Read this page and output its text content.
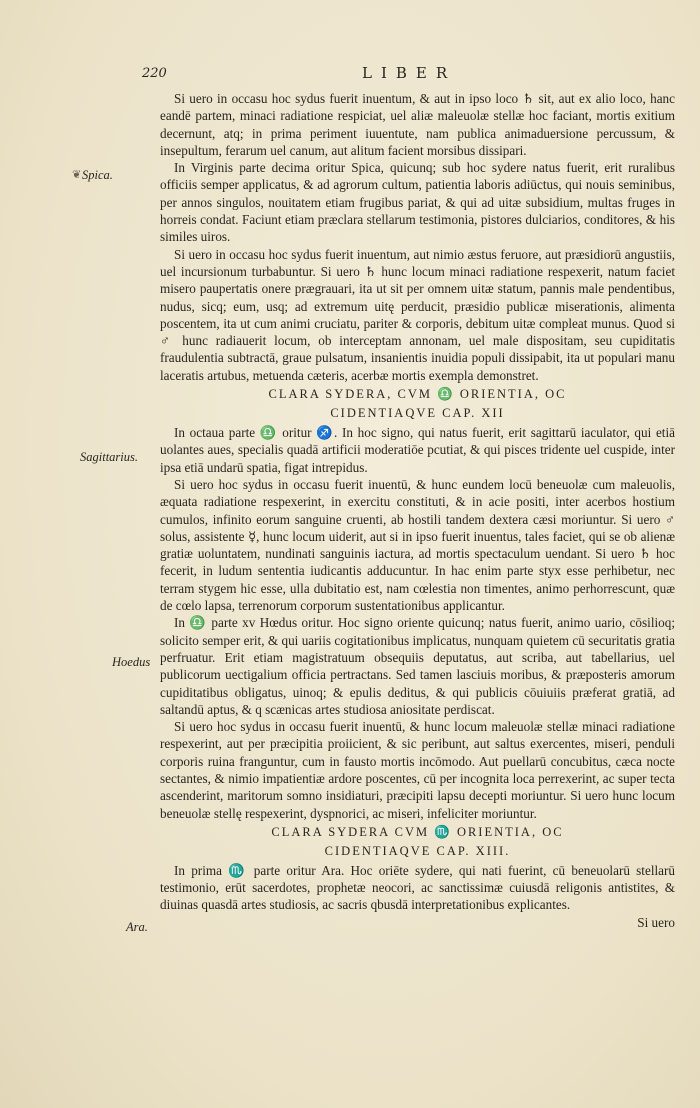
220	LIBER
❦ Spica.
Sagittarius.
Hoedus
Ara.

Si uero in occasu hoc sydus fuerit inuentum, & aut in ipso loco ♄ sit, aut ex alio loco, hanc eandē partem, minaci radiatione respiciat, uel aliæ maleuolæ stellæ hoc faciant, mortis exitium decernunt, atq; in prima periment iuuentute, nam publica animaduersione percussum, & insepultum, ferarum uel canum, aut alitum facient morsibus dissipari.

In Virginis parte decima oritur Spica, quicunq; sub hoc sydere natus fuerit, erit ruralibus officiis semper applicatus, & ad agrorum cultum, patientia laboris adiūctus, qui nouis seminibus, per annos singulos, nouitatem etiam frugibus pariat, & qui ad uitæ subsidium, multas fruges in horreis condat. Faciunt etiam præclara stellarum testimonia, pistores dulciarios, conditores, & his similes uiros.

Si uero in occasu hoc sydus fuerit inuentum, aut nimio æstus feruore, aut præsidiorū angustiis, uel incursionum turbabuntur. Si uero ♄ hunc locum minaci radiatione respexerit, natum faciet misero paupertatis onere prægrauari, ita ut sit per omnem uitæ statum, pannis male pendentibus, nudus, sicq; eum, usq; ad extremum uitę perducit, præsidio publicæ miserationis, alimenta poscentem, ita ut cum animi cruciatu, pariter & corporis, debitum uitæ compleat munus. Quod si ♂ hunc radiauerit locum, ob interceptam annonam, uel male dispositam, seu cupiditatis fraudulentia subtractā, graue pulsatum, insanientis inuidia populi dissipabit, ita ut populari manu laceratis artubus, metuenda cæteris, acerbæ mortis exempla demonstret.

CLARA SYDERA, CVM ♎ ORIENTIA, OC

CIDENTIAQVE CAP. XII

In octaua parte ♎ oritur ♐. In hoc signo, qui natus fuerit, erit sagittarū iaculator, qui etiā uolantes aues, specialis quadā artificii moderatiōe pcutiat, & qui pisces tridente uel cuspide, inter ipsa etiā undarū spatia, figat intrepidus.

Si uero hoc sydus in occasu fuerit inuentū, & hunc eundem locū beneuolæ cum maleuolis, æquata radiatione respexerint, in exercitu constituti, & in acie positi, inter acerbos hostium cumulos, infinito eorum sanguine cruenti, ab hostili tandem dextera cæsi moriuntur. Si uero ♂ solus, assistente ☿, hunc locum uiderit, aut si in ipso fuerit inuentus, tales faciet, qui se ob alienæ gratiæ uoluntatem, nundinati sanguinis iactura, ad mortis spectaculum uendant. Si uero ♄ hoc fecerit, in ludum sententia iudicantis adducuntur. In hac enim parte styx esse perhibetur, nec terram stygem hic esse, ulla dubitatio est, nam cœlestia non timentes, animo perhorrescunt, quæ de cœlo lapsa, terrenorum corporum sustentationibus applicantur.

In ♎ parte xv Hœdus oritur. Hoc signo oriente quicunq; natus fuerit, animo uario, cōsilioq; solicito semper erit, & qui uariis cogitationibus implicatus, nunquam quietem cū securitatis gratia perfruatur. Erit etiam magistratuum obsequiis deputatus, aut scriba, aut tabellarius, uel publicorum uectigalium officia pertractans. Sed tamen lasciuis moribus, & præposteris amorum cupiditatibus obligatus, uinoq; & epulis deditus, & qui publicis cōuiuiis præferat gratiā, ad saltandū aptus, & q scænicas artes studiosa aniositate perdiscat.

Si uero hoc sydus in occasu fuerit inuentū, & hunc locum maleuolæ stellæ minaci radiatione respexerint, aut per præcipitia proiicient, & sic peribunt, aut saltus exercentes, miseri, penduli corporis ruina franguntur, cum in fausto mortis incōmodo. Aut puellarū concubitus, cæca nocte sectantes, & nimio impatientiæ ardore poscentes, cū per incognita loca perrexerint, ac super tecta ascenderint, maritorum somno insidiaturi, præcipiti lapsu decepti moriuntur. Si uero hunc locum beneuolæ stellę respexerint, dyspnorici, ac miseri, infeliciter moriuntur.

CLARA SYDERA CVM ♏ ORIENTIA, OC

CIDENTIAQVE CAP. XIII.

In prima ♏ parte oritur Ara. Hoc oriēte sydere, qui nati fuerint, cū beneuolarū stellarū testimonio, erūt sacerdotes, prophetæ neocori, ac sanctissimæ cuiusdā religonis antistites, & diuinas quasdā artes studiosis, ac sacris qbusdā interpretationibus explicantes.

Si uero
